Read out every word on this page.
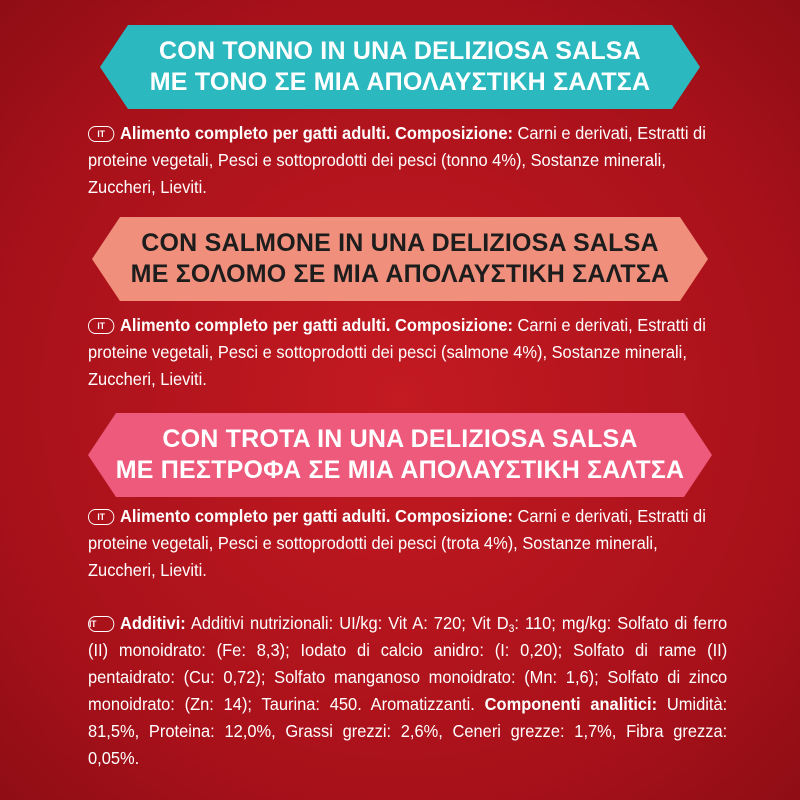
CON TONNO IN UNA DELIZIOSA SALSA
ΜΕ ΤΟΝΟ ΣΕ ΜΙΑ ΑΠΟΛΑΥΣΤΙΚΗ ΣΑΛΤΣΑ
IT Alimento completo per gatti adulti. Composizione: Carni e derivati, Estratti di proteine vegetali, Pesci e sottoprodotti dei pesci (tonno 4%), Sostanze minerali, Zuccheri, Lieviti.
CON SALMONE IN UNA DELIZIOSA SALSA
ΜΕ ΣΟΛΟΜΟ ΣΕ ΜΙΑ ΑΠΟΛΑΥΣΤΙΚΗ ΣΑΛΤΣΑ
IT Alimento completo per gatti adulti. Composizione: Carni e derivati, Estratti di proteine vegetali, Pesci e sottoprodotti dei pesci (salmone 4%), Sostanze minerali, Zuccheri, Lieviti.
CON TROTA IN UNA DELIZIOSA SALSA
ΜΕ ΠΕΣΤΡΟΦΑ ΣΕ ΜΙΑ ΑΠΟΛΑΥΣΤΙΚΗ ΣΑΛΤΣΑ
IT Alimento completo per gatti adulti. Composizione: Carni e derivati, Estratti di proteine vegetali, Pesci e sottoprodotti dei pesci (trota 4%), Sostanze minerali, Zuccheri, Lieviti.
IT Additivi: Additivi nutrizionali: UI/kg: Vit A: 720; Vit $D_3$: 110; mg/kg: Solfato di ferro (II) monoidrato: (Fe: 8,3); Iodato di calcio anidro: (I: 0,20); Solfato di rame (II) pentaidrato: (Cu: 0,72); Solfato manganoso monoidrato: (Mn: 1,6); Solfato di zinco monoidrato: (Zn: 14); Taurina: 450. Aromatizzanti. Componenti analitici: Umidità: 81,5%, Proteina: 12,0%, Grassi grezzi: 2,6%, Ceneri grezze: 1,7%, Fibra grezza: 0,05%.
